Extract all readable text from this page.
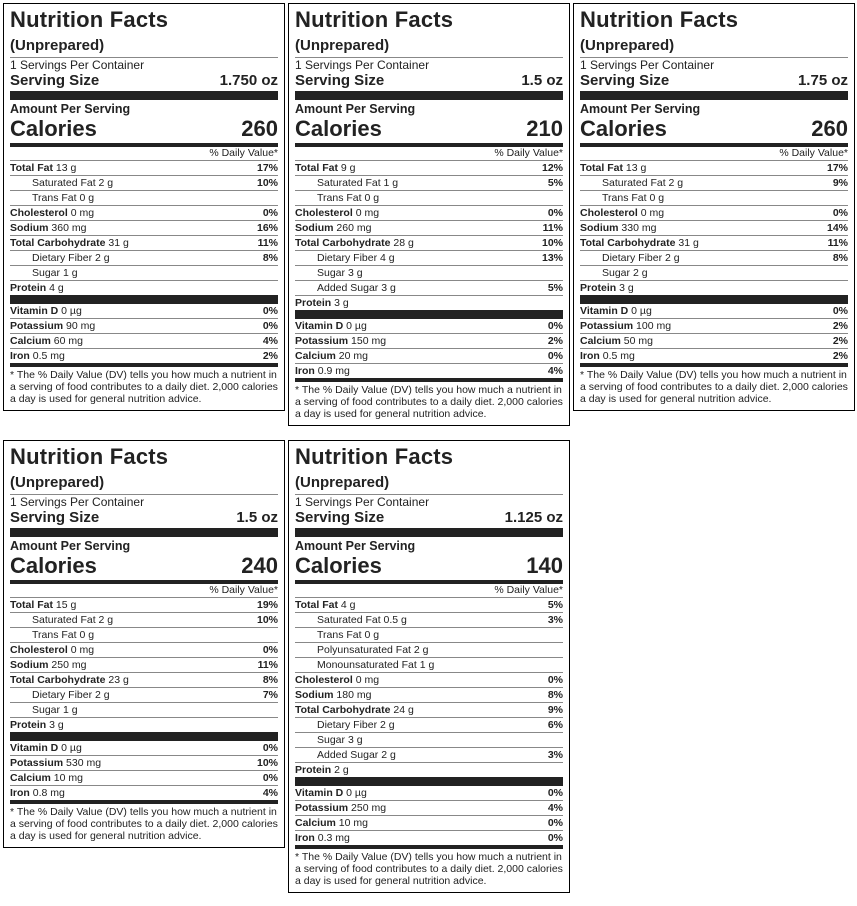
Nutrition Facts
(Unprepared)
1 Servings Per Container
Serving Size	1.750 oz
Amount Per Serving
Calories	260
% Daily Value*
Total Fat 13 g	17%
Saturated Fat 2 g	10%
Trans Fat 0 g
Cholesterol 0 mg	0%
Sodium 360 mg	16%
Total Carbohydrate 31 g	11%
Dietary Fiber 2 g	8%
Sugar 1 g
Protein 4 g
Vitamin D 0 µg	0%
Potassium 90 mg	0%
Calcium 60 mg	4%
Iron 0.5 mg	2%
* The % Daily Value (DV) tells you how much a nutrient in a serving of food contributes to a daily diet. 2,000 calories a day is used for general nutrition advice.
Nutrition Facts
(Unprepared)
1 Servings Per Container
Serving Size	1.5 oz
Amount Per Serving
Calories	210
% Daily Value*
Total Fat 9 g	12%
Saturated Fat 1 g	5%
Trans Fat 0 g
Cholesterol 0 mg	0%
Sodium 260 mg	11%
Total Carbohydrate 28 g	10%
Dietary Fiber 4 g	13%
Sugar 3 g
Added Sugar 3 g	5%
Protein 3 g
Vitamin D 0 µg	0%
Potassium 150 mg	2%
Calcium 20 mg	0%
Iron 0.9 mg	4%
* The % Daily Value (DV) tells you how much a nutrient in a serving of food contributes to a daily diet. 2,000 calories a day is used for general nutrition advice.
Nutrition Facts
(Unprepared)
1 Servings Per Container
Serving Size	1.75 oz
Amount Per Serving
Calories	260
% Daily Value*
Total Fat 13 g	17%
Saturated Fat 2 g	9%
Trans Fat 0 g
Cholesterol 0 mg	0%
Sodium 330 mg	14%
Total Carbohydrate 31 g	11%
Dietary Fiber 2 g	8%
Sugar 2 g
Protein 3 g
Vitamin D 0 µg	0%
Potassium 100 mg	2%
Calcium 50 mg	2%
Iron 0.5 mg	2%
* The % Daily Value (DV) tells you how much a nutrient in a serving of food contributes to a daily diet. 2,000 calories a day is used for general nutrition advice.
Nutrition Facts
(Unprepared)
1 Servings Per Container
Serving Size	1.5 oz
Amount Per Serving
Calories	240
% Daily Value*
Total Fat 15 g	19%
Saturated Fat 2 g	10%
Trans Fat 0 g
Cholesterol 0 mg	0%
Sodium 250 mg	11%
Total Carbohydrate 23 g	8%
Dietary Fiber 2 g	7%
Sugar 1 g
Protein 3 g
Vitamin D 0 µg	0%
Potassium 530 mg	10%
Calcium 10 mg	0%
Iron 0.8 mg	4%
* The % Daily Value (DV) tells you how much a nutrient in a serving of food contributes to a daily diet. 2,000 calories a day is used for general nutrition advice.
Nutrition Facts
(Unprepared)
1 Servings Per Container
Serving Size	1.125 oz
Amount Per Serving
Calories	140
% Daily Value*
Total Fat 4 g	5%
Saturated Fat 0.5 g	3%
Trans Fat 0 g
Polyunsaturated Fat 2 g
Monounsaturated Fat 1 g
Cholesterol 0 mg	0%
Sodium 180 mg	8%
Total Carbohydrate 24 g	9%
Dietary Fiber 2 g	6%
Sugar 3 g
Added Sugar 2 g	3%
Protein 2 g
Vitamin D 0 µg	0%
Potassium 250 mg	4%
Calcium 10 mg	0%
Iron 0.3 mg	0%
* The % Daily Value (DV) tells you how much a nutrient in a serving of food contributes to a daily diet. 2,000 calories a day is used for general nutrition advice.
